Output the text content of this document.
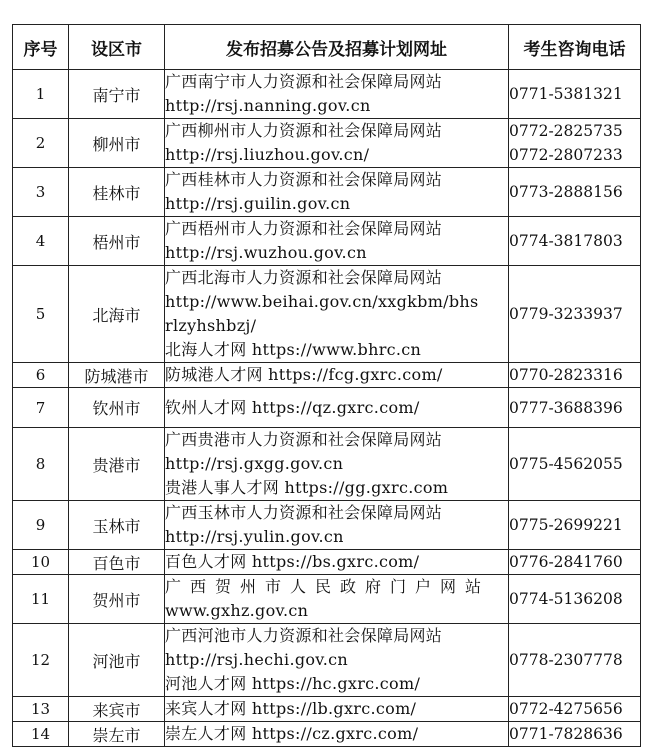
序号	设区市	发布招募公告及招募计划网址	考生咨询电话
1	南宁市	广西南宁市人力资源和社会保障局网站
http://rsj.nanning.gov.cn	0771-5381321

2	柳州市	广西柳州市人力资源和社会保障局网站
http://rsj.liuzhou.gov.cn/	0772-2825735
0772-2807233

3	桂林市	广西桂林市人力资源和社会保障局网站
http://rsj.guilin.gov.cn	0773-2888156

4	梧州市	广西梧州市人力资源和社会保障局网站
http://rsj.wuzhou.gov.cn	0774-3817803

5	北海市	广西北海市人力资源和社会保障局网站
http://www.beihai.gov.cn/xxgkbm/bhs
rlzyhshbzj/
北海人才网 https://www.bhrc.cn	0779-3233937

6	防城港市	防城港人才网 https://fcg.gxrc.com/	0770-2823316

7	钦州市	钦州人才网 https://qz.gxrc.com/	0777-3688396

8	贵港市	广西贵港市人力资源和社会保障局网站
http://rsj.gxgg.gov.cn
贵港人事人才网 https://gg.gxrc.com	0775-4562055

9	玉林市	广西玉林市人力资源和社会保障局网站
http://rsj.yulin.gov.cn	0775-2699221

10	百色市	百色人才网 https://bs.gxrc.com/	0776-2841760

11	贺州市	广西贺州市人民政府门户网站
www.gxhz.gov.cn	0774-5136208

12	河池市	广西河池市人力资源和社会保障局网站
http://rsj.hechi.gov.cn
河池人才网 https://hc.gxrc.com/	0778-2307778

13	来宾市	来宾人才网 https://lb.gxrc.com/	0772-4275656

14	崇左市	崇左人才网 https://cz.gxrc.com/	0771-7828636
